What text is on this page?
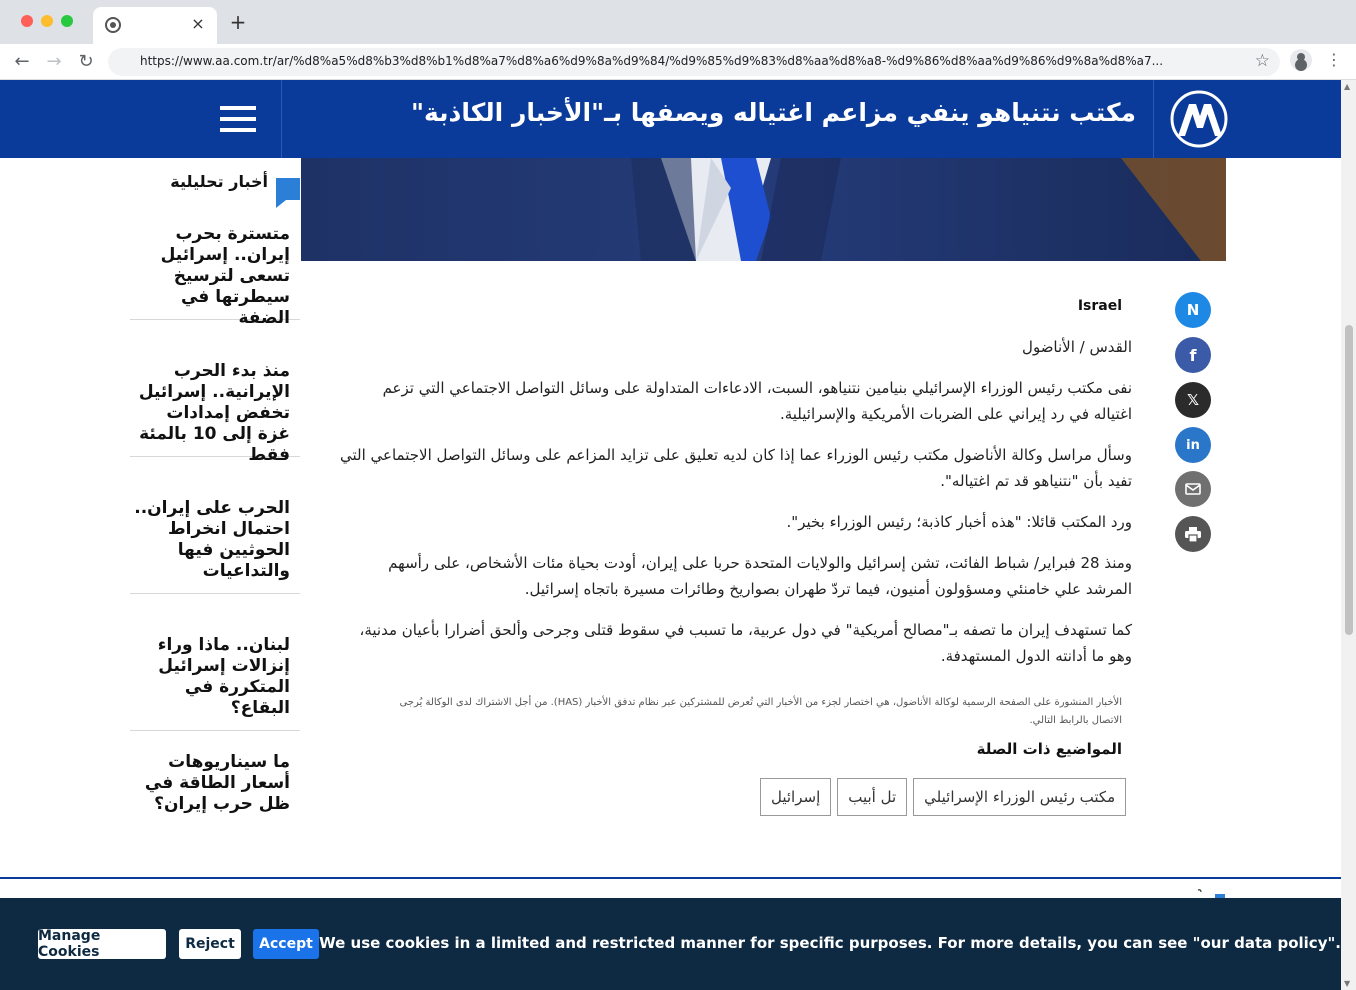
× +
← → ↻	https://www.aa.com.tr/ar/%d8%a5%d8%b3%d8%b1%d8%a7%d8%a6%d9%8a%d9%84/%d9%85%d9%83%d8%aa%d8%a8-%d9%86%d8%aa%d9%86%d9%8a%d8%a7...	☆	⋮
مكتب نتنياهو ينفي مزاعم اغتياله ويصفها بـ"الأخبار الكاذبة"
أخبار تحليلية
متسترة بحرب إيران.. إسرائيل تسعى لترسيخ سيطرتها في الضفة
منذ بدء الحرب الإيرانية.. إسرائيل تخفض إمدادات غزة إلى 10 بالمئة فقط
الحرب على إيران.. احتمال انخراط الحوثيين فيها والتداعيات
لبنان.. ماذا وراء إنزالات إسرائيل المتكررة في البقاع؟
ما سيناريوهات أسعار الطاقة في ظل حرب إيران؟
N
f
𝕏
in
Israel
القدس / الأناضول

نفى مكتب رئيس الوزراء الإسرائيلي بنيامين نتنياهو، السبت، الادعاءات المتداولة على وسائل التواصل الاجتماعي التي تزعم اغتياله في رد إيراني على الضربات الأمريكية والإسرائيلية.

وسأل مراسل وكالة الأناضول مكتب رئيس الوزراء عما إذا كان لديه تعليق على تزايد المزاعم على وسائل التواصل الاجتماعي التي تفيد بأن "نتنياهو قد تم اغتياله".

ورد المكتب قائلا: "هذه أخبار كاذبة؛ رئيس الوزراء بخير".

ومنذ 28 فبراير/ شباط الفائت، تشن إسرائيل والولايات المتحدة حربا على إيران، أودت بحياة مئات الأشخاص، على رأسهم المرشد علي خامنئي ومسؤولون أمنيون، فيما تردّ طهران بصواريخ وطائرات مسيرة باتجاه إسرائيل.

كما تستهدف إيران ما تصفه بـ"مصالح أمريكية" في دول عربية، ما تسبب في سقوط قتلى وجرحى وألحق أضرارا بأعيان مدنية، وهو ما أدانته الدول المستهدفة.

الأخبار المنشورة على الصفحة الرسمية لوكالة الأناضول، هي اختصار لجزء من الأخبار التي تُعرض للمشتركين عبر نظام تدفق الأخبار (HAS). من أجل الاشتراك لدى الوكالة يُرجى الاتصال بالرابط التالي.
المواضيع ذات الصلة
إسرائيل	تل أبيب	مكتب رئيس الوزراء الإسرائيلي
."We use cookies in a limited and restricted manner for specific purposes. For more details, you can see "our data policy
Manage Cookies	Reject	Accept
▲
▼
